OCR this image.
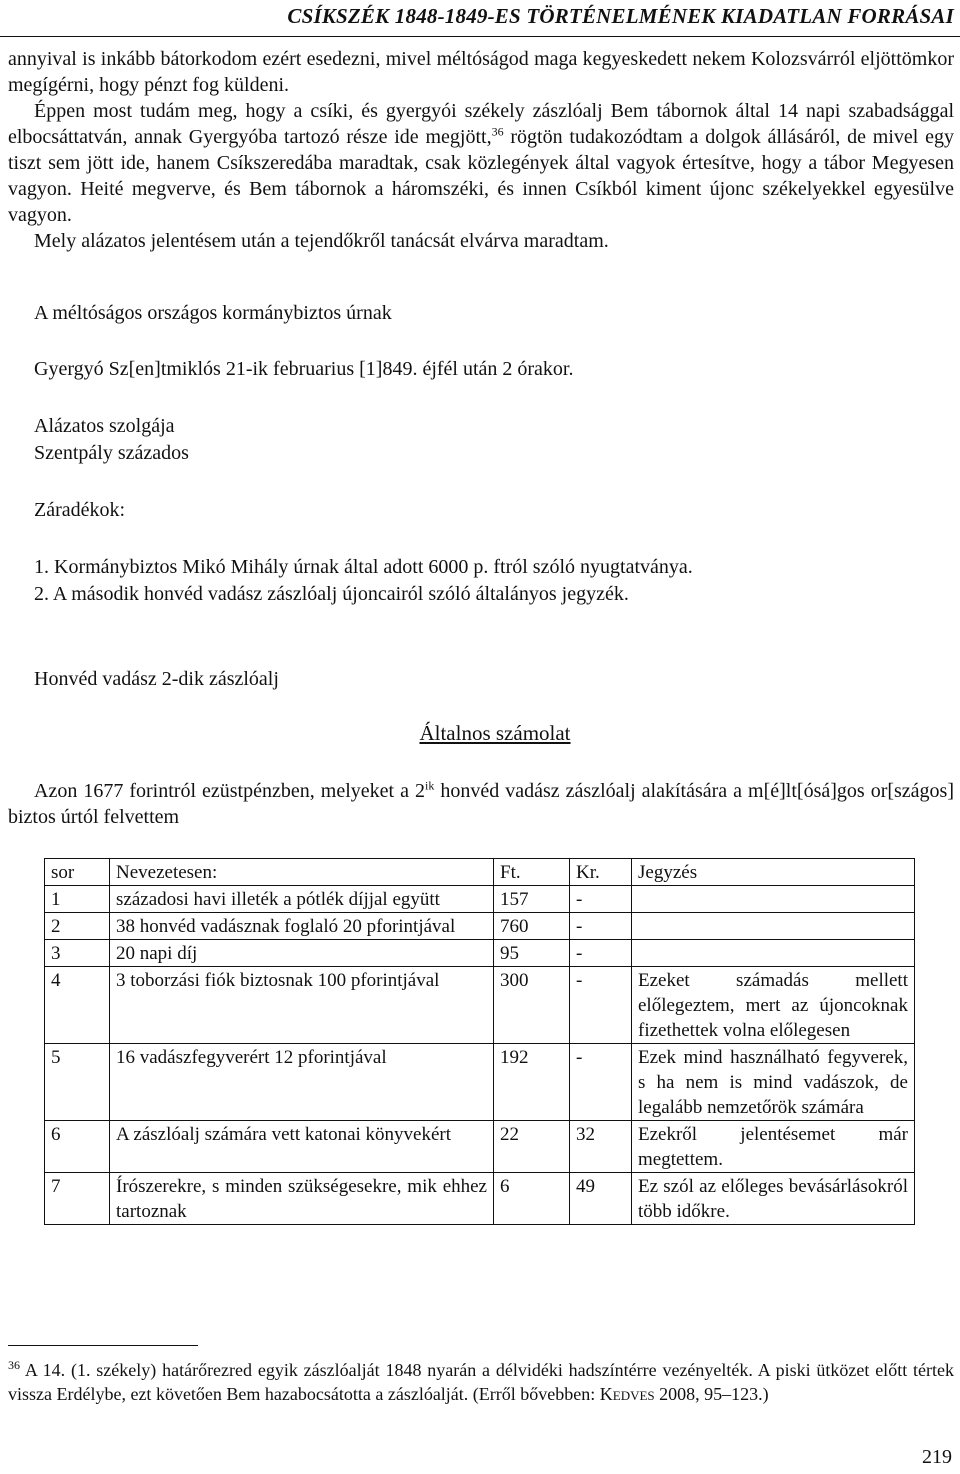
CSÍKSZÉK 1848-1849-ES TÖRTÉNELMÉNEK KIADATLAN FORRÁSAI
annyival is inkább bátorkodom ezért esedezni, mivel méltóságod maga kegyeskedett nekem Kolozsvárról eljöttömkor megígérni, hogy pénzt fog küldeni.
Éppen most tudám meg, hogy a csíki, és gyergyói székely zászlóalj Bem tábornok által 14 napi szabadsággal elbocsáttatván, annak Gyergyóba tartozó része ide megjött,$^{36}$ rögtön tudakozódtam a dolgok állásáról, de mivel egy tiszt sem jött ide, hanem Csíkszeredába maradtak, csak közlegények által vagyok értesítve, hogy a tábor Megyesen vagyon. Heité megverve, és Bem tábornok a háromszéki, és innen Csíkból kiment újonc székelyekkel egyesülve vagyon.
Mely alázatos jelentésem után a tejendőkről tanácsát elvárva maradtam.
A méltóságos országos kormánybiztos úrnak
Gyergyó Sz[en]tmiklós 21-ik februarius [1]849. éjfél után 2 órakor.
Alázatos szolgája
Szentpály százados
Záradékok:
1. Kormánybiztos Mikó Mihály úrnak által adott 6000 p. ftról szóló nyugtatványa.
2. A második honvéd vadász zászlóalj újoncairól szóló általányos jegyzék.
Honvéd vadász 2-dik zászlóalj
Általnos számolat
Azon 1677 forintról ezüstpénzben, melyeket a $2^{ik}$ honvéd vadász zászlóalj alakítására a m[é]lt[ósá]gos or[szágos] biztos úrtól felvettem
sor	Nevezetesen:	Ft.	Kr.	Jegyzés
1	századosi havi illeték a pótlék díjjal együtt	157	-	
2	38 honvéd vadásznak foglaló 20 pforintjával	760	-	
3	20 napi díj	95	-	
4	3 toborzási fiók biztosnak 100 pforintjával	300	-	Ezeket számadás mellett előlegeztem, mert az újoncoknak fizethettek volna előlegesen
5	16 vadászfegyverért 12 pforintjával	192	-	Ezek mind használható fegyverek, s ha nem is mind vadászok, de legalább nemzetőrök számára
6	A zászlóalj számára vett katonai könyvekért	22	32	Ezekről jelentésemet már megtettem.
7	Írószerekre, s minden szükségesekre, mik ehhez tartoznak	6	49	Ez szól az előleges bevásárlásokról több időkre.
$^{36}$ A 14. (1. székely) határőrezred egyik zászlóalját 1848 nyarán a délvidéki hadszíntérre vezényelték. A piski ütközet előtt tértek vissza Erdélybe, ezt követően Bem hazabocsátotta a zászlóalját. (Erről bővebben: Kedves 2008, 95–123.)
219
